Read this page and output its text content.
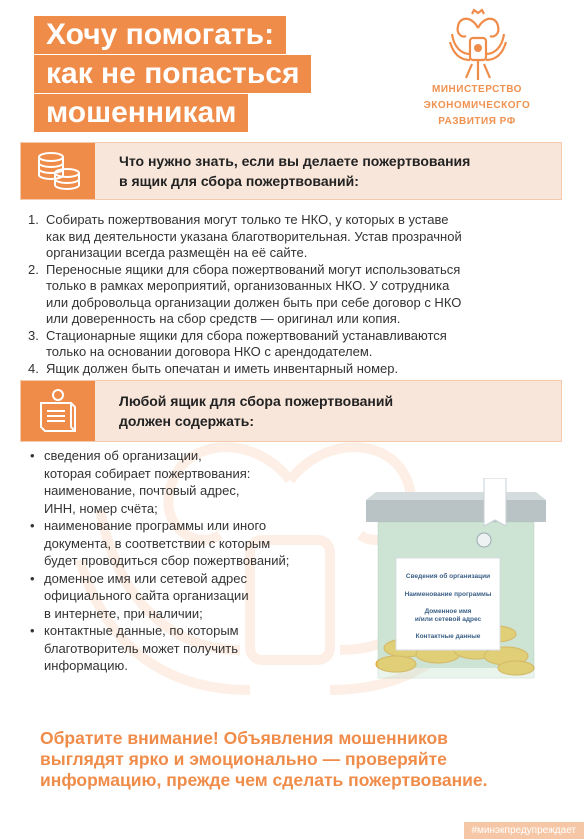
Хочу помогать:
как не попасться
мошенникам
МИНИСТЕРСТВО
ЭКОНОМИЧЕСКОГО
РАЗВИТИЯ РФ
Что нужно знать, если вы делаете пожертвования
в ящик для сбора пожертвований:
1. Собирать пожертвования могут только те НКО, у которых в уставе
как вид деятельности указана благотворительная. Устав прозрачной
организации всегда размещён на её сайте.
2. Переносные ящики для сбора пожертвований могут использоваться
только в рамках мероприятий, организованных НКО. У сотрудника
или добровольца организации должен быть при себе договор с НКО
или доверенность на сбор средств — оригинал или копия.
3. Стационарные ящики для сбора пожертвований устанавливаются
только на основании договора НКО с арендодателем.
4. Ящик должен быть опечатан и иметь инвентарный номер.
Любой ящик для сбора пожертвований
должен содержать:
• сведения об организации,
которая собирает пожертвования:
наименование, почтовый адрес,
ИНН, номер счёта;
• наименование программы или иного
документа, в соответствии с которым
будет проводиться сбор пожертвований;
• доменное имя или сетевой адрес
официального сайта организации
в интернете, при наличии;
• контактные данные, по которым
благотворитель может получить
информацию.
Сведения об организации
Наименование программы
Доменное имя
и/или сетевой адрес
Контактные данные
Обратите внимание! Объявления мошенников
выглядят ярко и эмоционально — проверяйте
информацию, прежде чем сделать пожертвование.
#минэкпредупреждает
